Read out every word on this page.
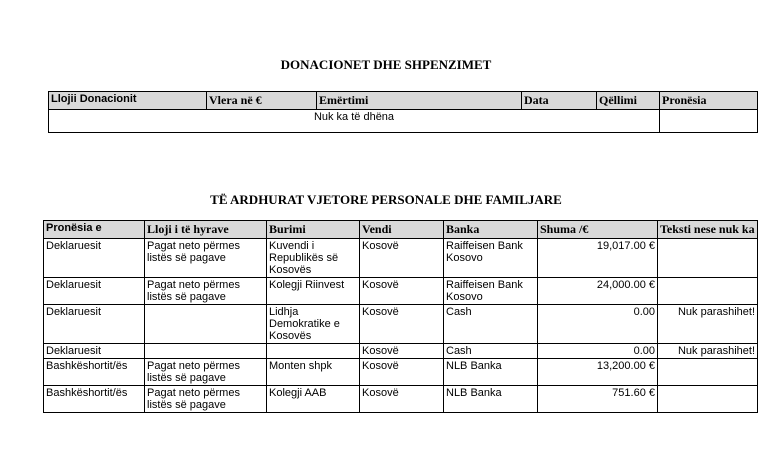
DONACIONET DHE SHPENZIMET
Llojii Donacionit	Vlera në €	Emërtimi	Data	Qëllimi	Pronësia
Nuk ka të dhëna					
TË ARDHURAT VJETORE PERSONALE DHE FAMILJARE
Pronësia e	Lloji i të hyrave	Burimi	Vendi	Banka	Shuma /€	Teksti nese nuk ka
Deklaruesit	Pagat neto përmes listës së pagave	Kuvendi i Republikës së Kosovës	Kosovë	Raiffeisen Bank Kosovo	19,017.00 €	
Deklaruesit	Pagat neto përmes listës së pagave	Kolegji Riinvest	Kosovë	Raiffeisen Bank Kosovo	24,000.00 €	
Deklaruesit		Lidhja Demokratike e Kosovës	Kosovë	Cash	0.00	Nuk parashihet!
Deklaruesit			Kosovë	Cash	0.00	Nuk parashihet!
Bashkëshortit/ës	Pagat neto përmes listës së pagave	Monten shpk	Kosovë	NLB Banka	13,200.00 €	
Bashkëshortit/ës	Pagat neto përmes listës së pagave	Kolegji AAB	Kosovë	NLB Banka	751.60 €	
